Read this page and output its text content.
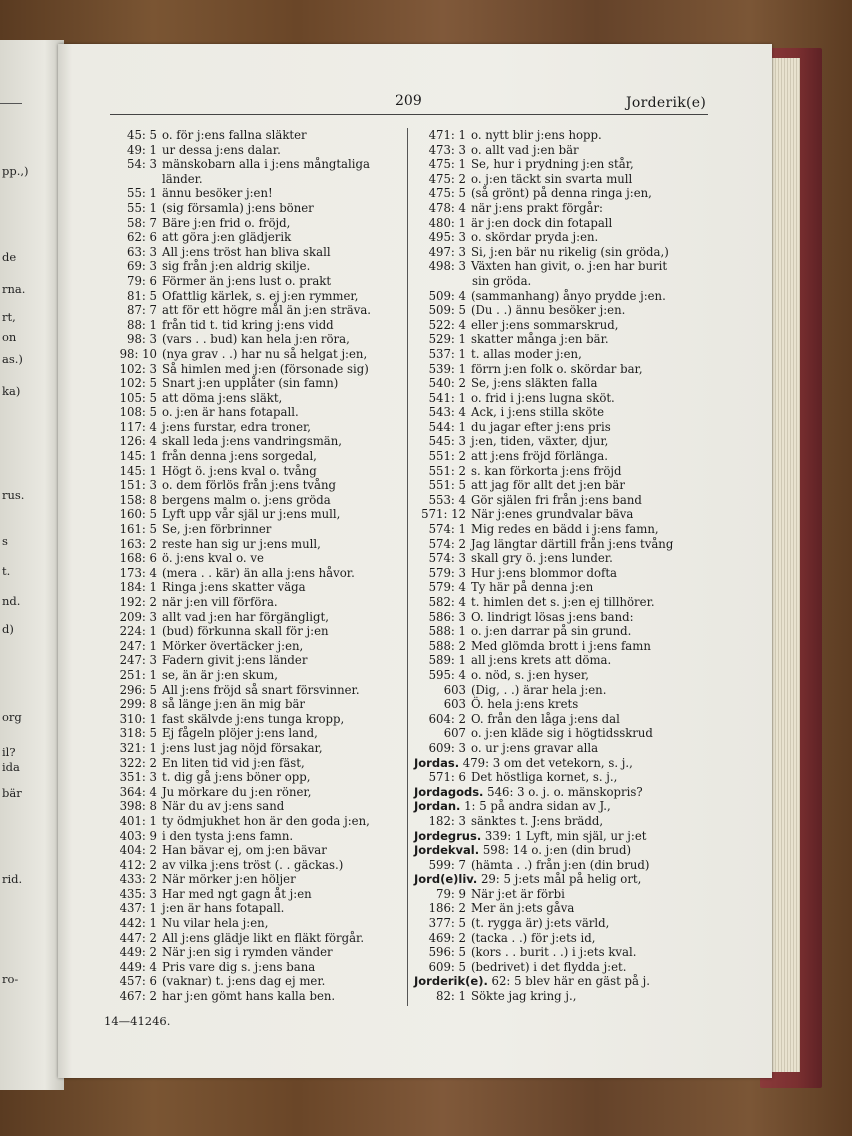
pp.,)
de
rna.
rt,
on
as.)
ka)
rus.
s
t.
nd.
d)
org
il?
ida
bär
rid.
ro-
209	Jorderik(e)
45: 5 o. för j:ens fallna släkter
49: 1 ur dessa j:ens dalar.
54: 3 mänskobarn alla i j:ens mångtaliga
länder.
55: 1 ännu besöker j:en!
55: 1 (sig församla) j:ens böner
58: 7 Bäre j:en frid o. fröjd,
62: 6 att göra j:en glädjerik
63: 3 All j:ens tröst han bliva skall
69: 3 sig från j:en aldrig skilje.
79: 6 Förmer än j:ens lust o. prakt
81: 5 Ofattlig kärlek, s. ej j:en rymmer,
87: 7 att för ett högre mål än j:en sträva.
88: 1 från tid t. tid kring j:ens vidd
98: 3 (vars . . bud) kan hela j:en röra,
98: 10 (nya grav . .) har nu så helgat j:en,
102: 3 Så himlen med j:en (försonade sig)
102: 5 Snart j:en upplåter (sin famn)
105: 5 att döma j:ens släkt,
108: 5 o. j:en är hans fotapall.
117: 4 j:ens furstar, edra troner,
126: 4 skall leda j:ens vandringsmän,
145: 1 från denna j:ens sorgedal,
145: 1 Högt ö. j:ens kval o. tvång
151: 3 o. dem förlös från j:ens tvång
158: 8 bergens malm o. j:ens gröda
160: 5 Lyft upp vår själ ur j:ens mull,
161: 5 Se, j:en förbrinner
163: 2 reste han sig ur j:ens mull,
168: 6 ö. j:ens kval o. ve
173: 4 (mera . . kär) än alla j:ens håvor.
184: 1 Ringa j:ens skatter väga
192: 2 när j:en vill förföra.
209: 3 allt vad j:en har förgängligt,
224: 1 (bud) förkunna skall för j:en
247: 1 Mörker övertäcker j:en,
247: 3 Fadern givit j:ens länder
251: 1 se, än är j:en skum,
296: 5 All j:ens fröjd så snart försvinner.
299: 8 så länge j:en än mig bär
310: 1 fast skälvde j:ens tunga kropp,
318: 5 Ej fågeln plöjer j:ens land,
321: 1 j:ens lust jag nöjd försakar,
322: 2 En liten tid vid j:en fäst,
351: 3 t. dig gå j:ens böner opp,
364: 4 Ju mörkare du j:en röner,
398: 8 När du av j:ens sand
401: 1 ty ödmjukhet hon är den goda j:en,
403: 9 i den tysta j:ens famn.
404: 2 Han bävar ej, om j:en bävar
412: 2 av vilka j:ens tröst (. . gäckas.)
433: 2 När mörker j:en höljer
435: 3 Har med ngt gagn åt j:en
437: 1 j:en är hans fotapall.
442: 1 Nu vilar hela j:en,
447: 2 All j:ens glädje likt en fläkt förgår.
449: 2 När j:en sig i rymden vänder
449: 4 Pris vare dig s. j:ens bana
457: 6 (vaknar) t. j:ens dag ej mer.
467: 2 har j:en gömt hans kalla ben.
471: 1 o. nytt blir j:ens hopp.
473: 3 o. allt vad j:en bär
475: 1 Se, hur i prydning j:en står,
475: 2 o. j:en täckt sin svarta mull
475: 5 (så grönt) på denna ringa j:en,
478: 4 när j:ens prakt förgår:
480: 1 är j:en dock din fotapall
495: 3 o. skördar pryda j:en.
497: 3 Si, j:en bär nu rikelig (sin gröda,)
498: 3 Växten han givit, o. j:en har burit
sin gröda.
509: 4 (sammanhang) ånyo prydde j:en.
509: 5 (Du . .) ännu besöker j:en.
522: 4 eller j:ens sommarskrud,
529: 1 skatter många j:en bär.
537: 1 t. allas moder j:en,
539: 1 förrn j:en folk o. skördar bar,
540: 2 Se, j:ens släkten falla
541: 1 o. frid i j:ens lugna sköt.
543: 4 Ack, i j:ens stilla sköte
544: 1 du jagar efter j:ens pris
545: 3 j:en, tiden, växter, djur,
551: 2 att j:ens fröjd förlänga.
551: 2 s. kan förkorta j:ens fröjd
551: 5 att jag för allt det j:en bär
553: 4 Gör själen fri från j:ens band
571: 12 När j:enes grundvalar bäva
574: 1 Mig redes en bädd i j:ens famn,
574: 2 Jag längtar därtill från j:ens tvång
574: 3 skall gry ö. j:ens lunder.
579: 3 Hur j:ens blommor dofta
579: 4 Ty här på denna j:en
582: 4 t. himlen det s. j:en ej tillhörer.
586: 3 O. lindrigt lösas j:ens band:
588: 1 o. j:en darrar på sin grund.
588: 2 Med glömda brott i j:ens famn
589: 1 all j:ens krets att döma.
595: 4 o. nöd, s. j:en hyser,
603 (Dig, . .) ärar hela j:en.
603 Ö. hela j:ens krets
604: 2 O. från den låga j:ens dal
607 o. j:en kläde sig i högtidsskrud
609: 3 o. ur j:ens gravar alla
Jordas. 479: 3 om det vetekorn, s. j.,
571: 6 Det höstliga kornet, s. j.,
Jordagods. 546: 3 o. j. o. mänskopris?
Jordan. 1: 5 på andra sidan av J.,
182: 3 sänktes t. J:ens brädd,
Jordegrus. 339: 1 Lyft, min själ, ur j:et
Jordekval. 598: 14 o. j:en (din brud)
599: 7 (hämta . .) från j:en (din brud)
Jord(e)liv. 29: 5 j:ets mål på helig ort,
79: 9 När j:et är förbi
186: 2 Mer än j:ets gåva
377: 5 (t. rygga är) j:ets värld,
469: 2 (tacka . .) för j:ets id,
596: 5 (kors . . burit . .) i j:ets kval.
609: 5 (bedrivet) i det flydda j:et.
Jorderik(e). 62: 5 blev här en gäst på j.
82: 1 Sökte jag kring j.,
14—41246.
